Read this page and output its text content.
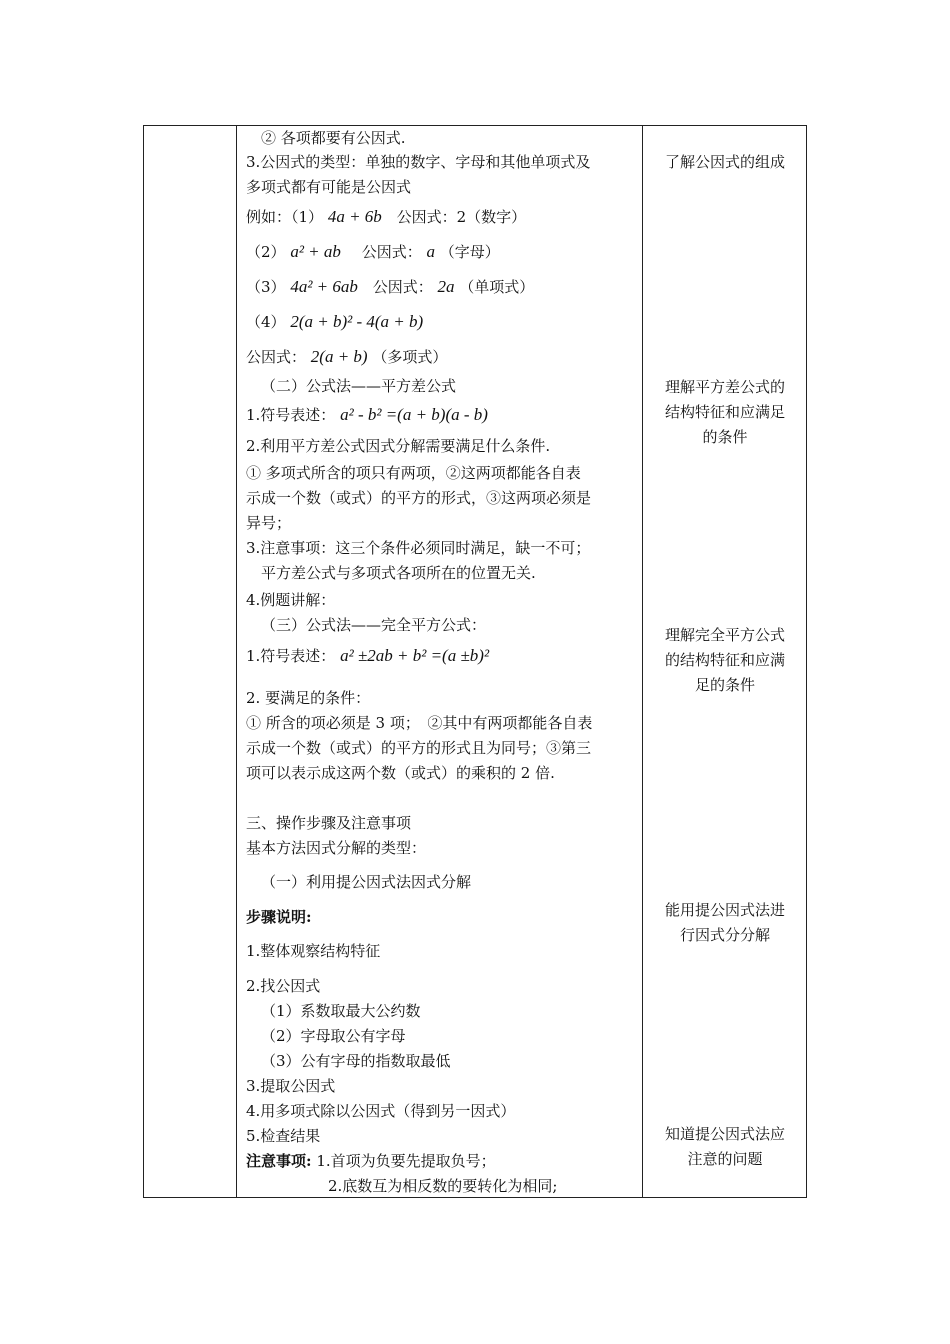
② 各项都要有公因式.
3.公因式的类型：单独的数字、字母和其他单项式及
多项式都有可能是公因式
例如：（1） 4a + 6b 公因式：2（数字）
（2） a² + ab 公因式： a （字母）
（3） 4a² + 6ab 公因式： 2a （单项式）
（4） 2(a + b)² - 4(a + b)
公因式： 2(a + b) （多项式）
（二）公式法——平方差公式
1.符号表述： a² - b² =(a + b)(a - b)
2.利用平方差公式因式分解需要满足什么条件.
① 多项式所含的项只有两项，②这两项都能各自表
示成一个数（或式）的平方的形式，③这两项必须是
异号；
3.注意事项：这三个条件必须同时满足，缺一不可；
平方差公式与多项式各项所在的位置无关.
4.例题讲解：
（三）公式法——完全平方公式：
1.符号表述： a² ±2ab + b² =(a ±b)²
2. 要满足的条件：
① 所含的项必须是 3 项；　②其中有两项都能各自表
示成一个数（或式）的平方的形式且为同号；③第三
项可以表示成这两个数（或式）的乘积的 2 倍.
三、操作步骤及注意事项
基本方法因式分解的类型：
（一）利用提公因式法因式分解
步骤说明:
1.整体观察结构特征
2.找公因式
（1）系数取最大公约数
（2）字母取公有字母
（3）公有字母的指数取最低
3.提取公因式
4.用多项式除以公因式（得到另一因式）
5.检查结果
注意事项: 1.首项为负要先提取负号；
2.底数互为相反数的要转化为相同;
了解公因式的组成
理解平方差公式的
结构特征和应满足
的条件
理解完全平方公式
的结构特征和应满
足的条件
能用提公因式法进
行因式分分解
知道提公因式法应
注意的问题
